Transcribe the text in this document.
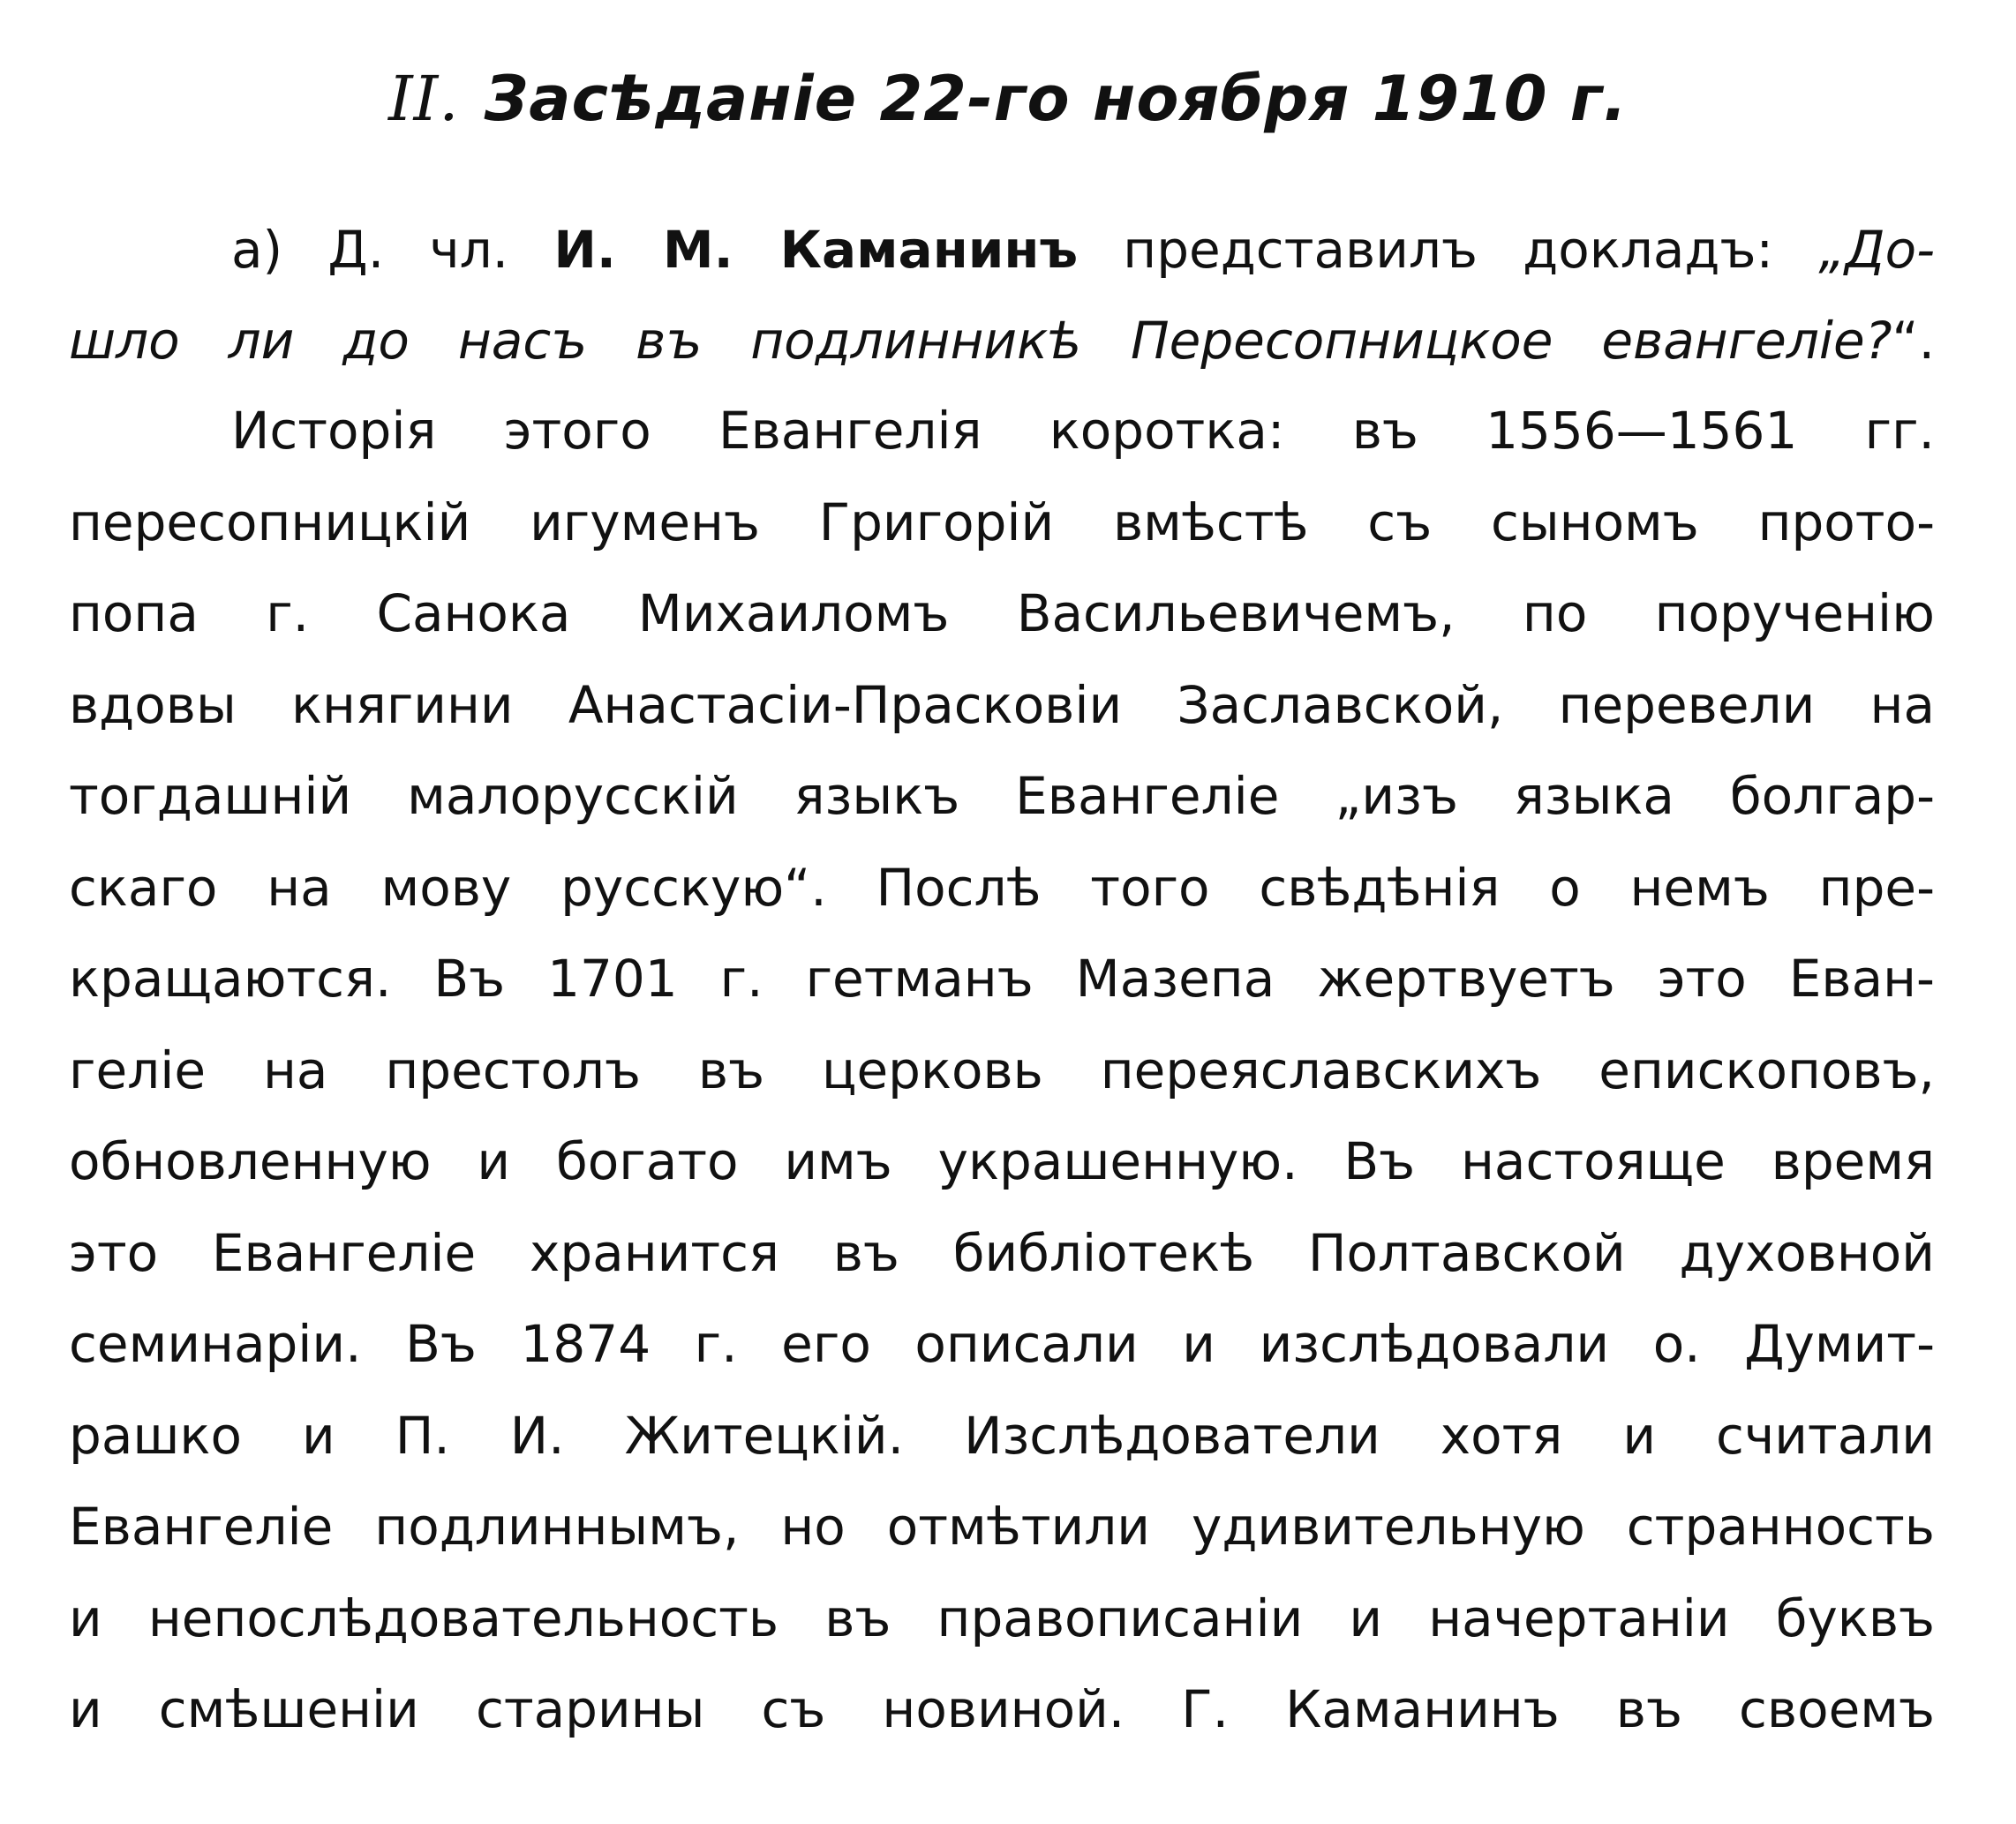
II. Засѣданіе 22-го ноября 1910 г.
а) Д. чл. И. М. Каманинъ представилъ докладъ: „До-
шло ли до насъ въ подлинникѣ Пересопницкое евангеліе?“.
Исторія этого Евангелія коротка: въ 1556—1561 гг.
пересопницкій игуменъ Григорій вмѣстѣ съ сыномъ прото-
попа г. Санока Михаиломъ Васильевичемъ, по порученію
вдовы княгини Анастасіи-Прасковіи Заславской, перевели на
тогдашній малорусскій языкъ Евангеліе „изъ языка болгар-
скаго на мову русскую“. Послѣ того свѣдѣнія о немъ пре-
кращаются. Въ 1701 г. гетманъ Мазепа жертвуетъ это Еван-
геліе на престолъ въ церковь переяславскихъ епископовъ,
обновленную и богато имъ украшенную. Въ настояще время
это Евангеліе хранится въ библіотекѣ Полтавской духовной
семинаріи. Въ 1874 г. его описали и изслѣдовали о. Думит-
рашко и П. И. Житецкій. Изслѣдователи хотя и считали
Евангеліе подлиннымъ, но отмѣтили удивительную странность
и непослѣдовательность въ правописаніи и начертаніи буквъ
и смѣшеніи старины съ новиной. Г. Каманинъ въ своемъ
